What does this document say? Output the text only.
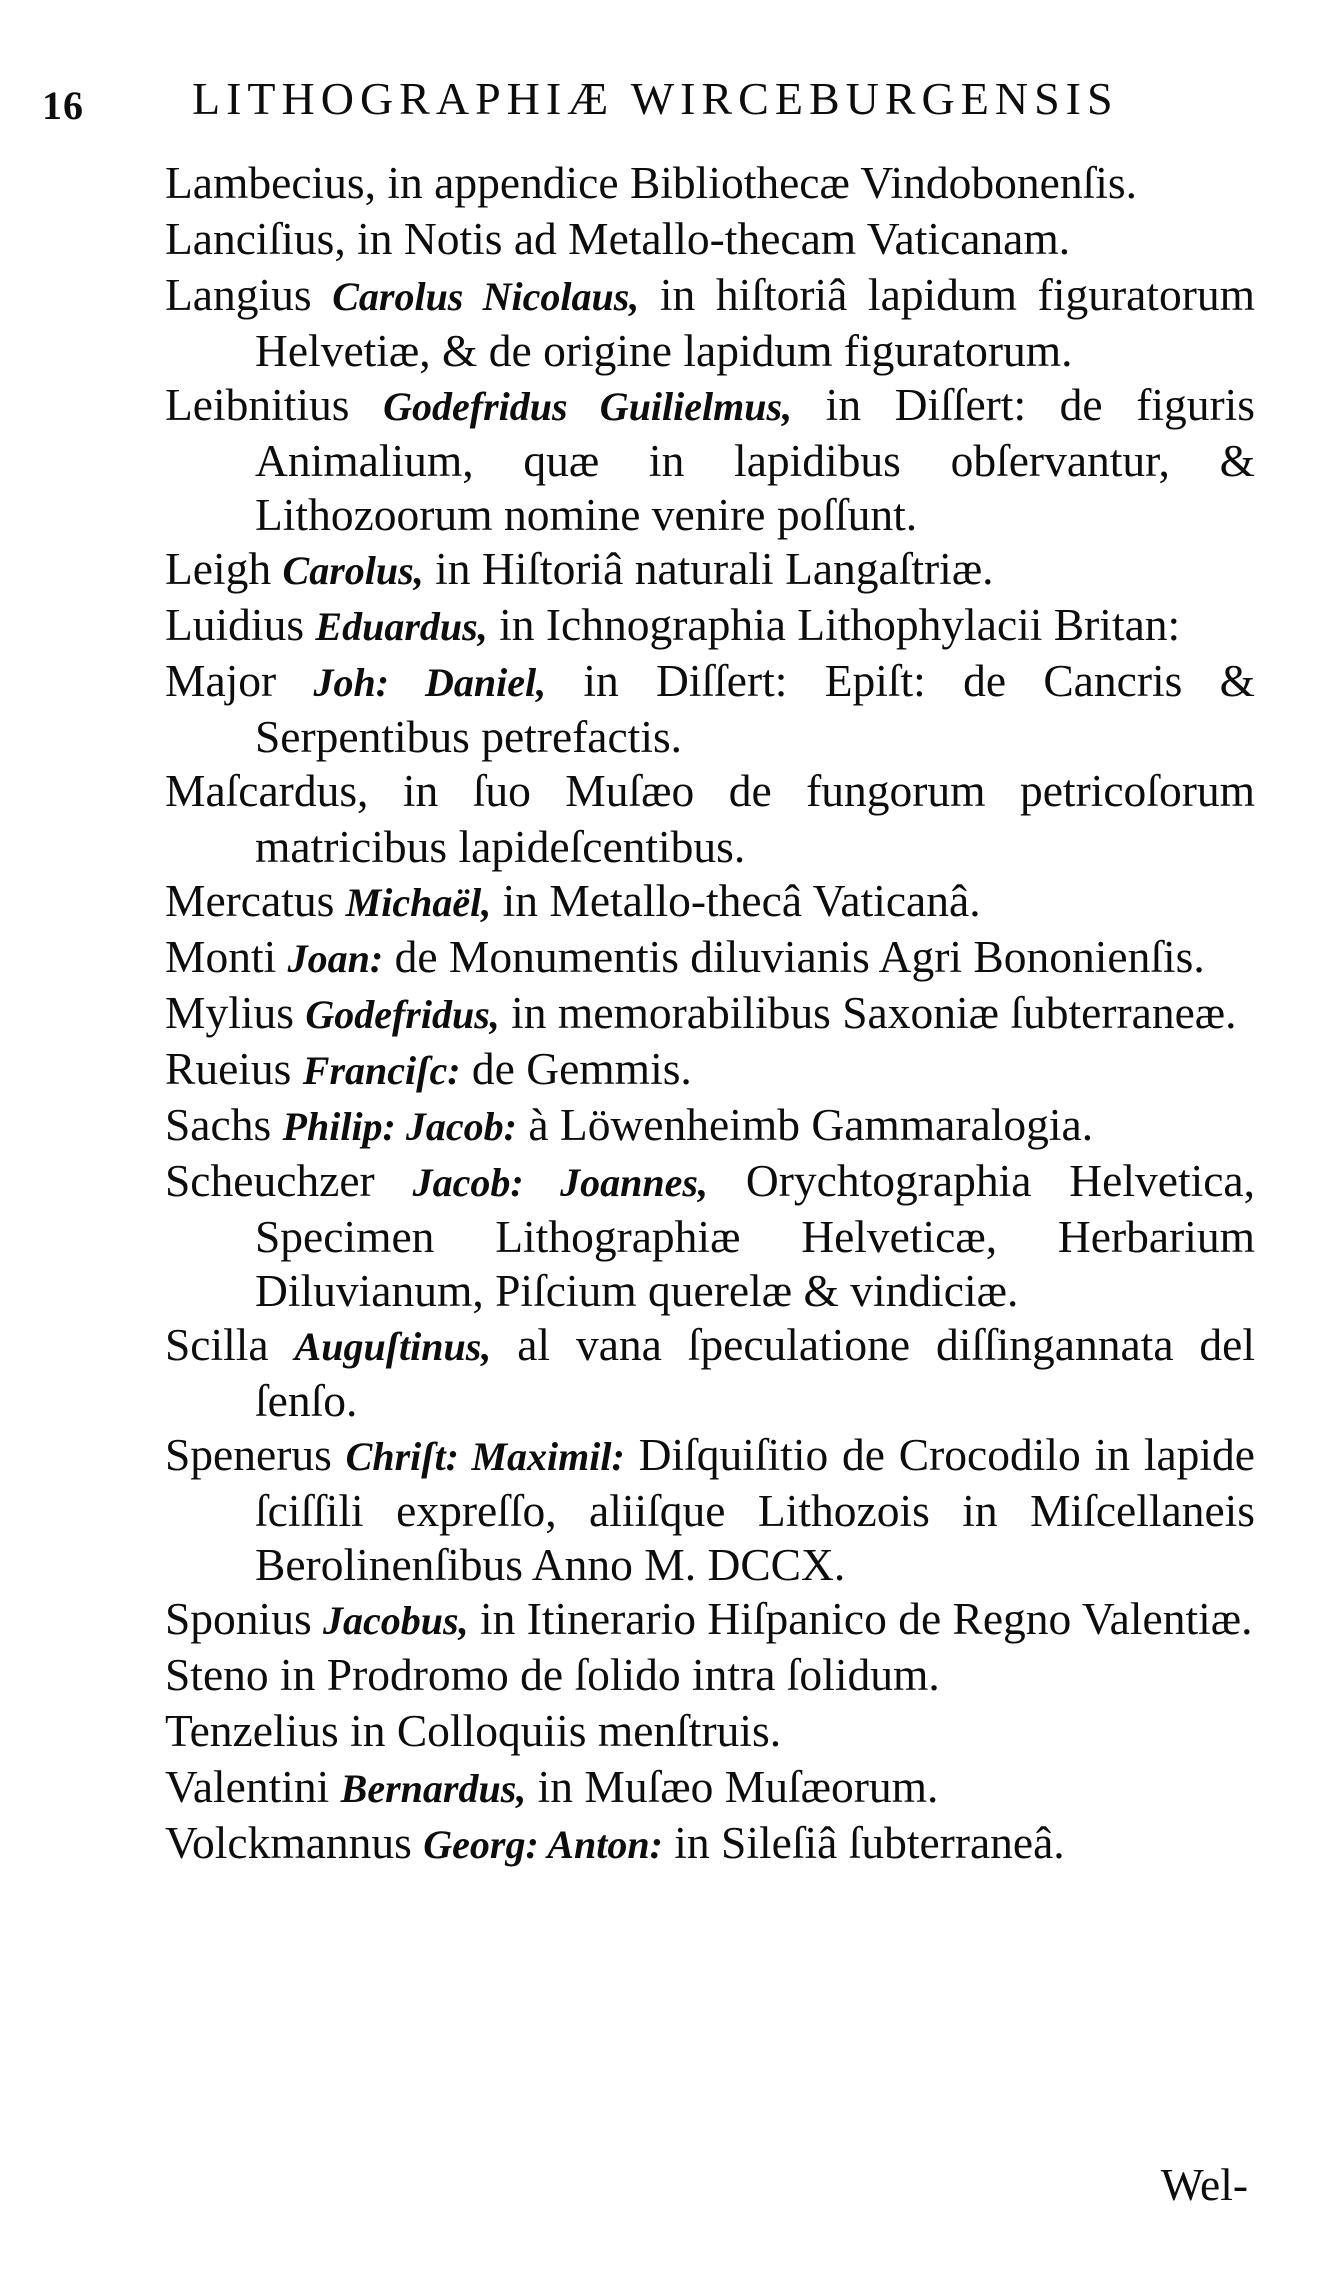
16 LITHOGRAPHIÆ WIRCEBURGENSIS

Lambecius, in appendice Bibliothecæ Vindobonenſis.

Lanciſius, in Notis ad Metallo-thecam Vaticanam.

Langius Carolus Nicolaus, in hiſtoriâ lapidum figuratorum Helvetiæ, & de origine lapidum figuratorum.

Leibnitius Godefridus Guilielmus, in Diſſert: de figuris Animalium, quæ in lapidibus obſervantur, & Lithozoorum nomine venire poſſunt.

Leigh Carolus, in Hiſtoriâ naturali Langaſtriæ.

Luidius Eduardus, in Ichnographia Lithophylacii Britan:

Major Joh: Daniel, in Diſſert: Epiſt: de Cancris & Serpentibus petrefactis.

Maſcardus, in ſuo Muſæo de fungorum petricoſorum matricibus lapideſcentibus.

Mercatus Michaël, in Metallo-thecâ Vaticanâ.

Monti Joan: de Monumentis diluvianis Agri Bononienſis.

Mylius Godefridus, in memorabilibus Saxoniæ ſubterraneæ.

Rueius Franciſc: de Gemmis.

Sachs Philip: Jacob: à Löwenheimb Gammaralogia.

Scheuchzer Jacob: Joannes, Orychtographia Helvetica, Specimen Lithographiæ Helveticæ, Herbarium Diluvianum, Piſcium querelæ & vindiciæ.

Scilla Auguſtinus, al vana ſpeculatione diſſingannata del ſenſo.

Spenerus Chriſt: Maximil: Diſquiſitio de Crocodilo in lapide ſciſſili expreſſo, aliiſque Lithozois in Miſcellaneis Berolinenſibus Anno M. DCCX.

Sponius Jacobus, in Itinerario Hiſpanico de Regno Valentiæ.

Steno in Prodromo de ſolido intra ſolidum.

Tenzelius in Colloquiis menſtruis.

Valentini Bernardus, in Muſæo Muſæorum.

Volckmannus Georg: Anton: in Sileſiâ ſubterraneâ.

Wel-
